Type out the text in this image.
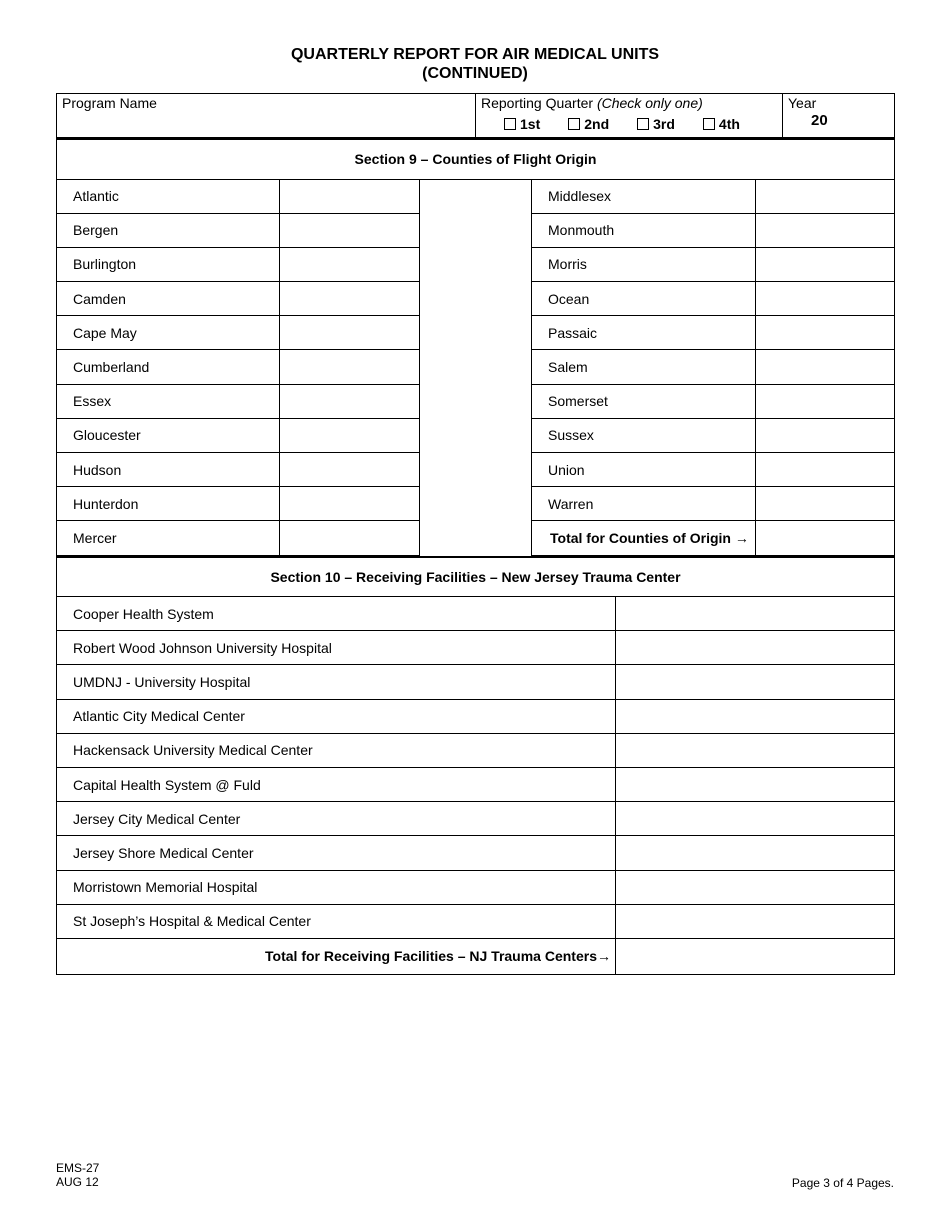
QUARTERLY REPORT FOR AIR MEDICAL UNITS
(CONTINUED)
Program Name	Reporting Quarter (Check only one)
1st	2nd	3rd	4th

Year
20
Section 9 – Counties of Flight Origin				
Atlantic			Middlesex	
Bergen			Monmouth	
Burlington			Morris	
Camden			Ocean	
Cape May			Passaic	
Cumberland			Salem	
Essex			Somerset	
Gloucester			Sussex	
Hudson			Union	
Hunterdon			Warren	
Mercer			Total for Counties of Origin →	
Section 10 – Receiving Facilities – New Jersey Trauma Center	
Cooper Health System	
Robert Wood Johnson University Hospital	
UMDNJ - University Hospital	
Atlantic City Medical Center	
Hackensack University Medical Center	
Capital Health System @ Fuld	
Jersey City Medical Center	
Jersey Shore Medical Center	
Morristown Memorial Hospital	
St Joseph’s Hospital & Medical Center	
Total for Receiving Facilities – NJ Trauma Centers→	
EMS-27
AUG 12	Page 3 of 4 Pages.
